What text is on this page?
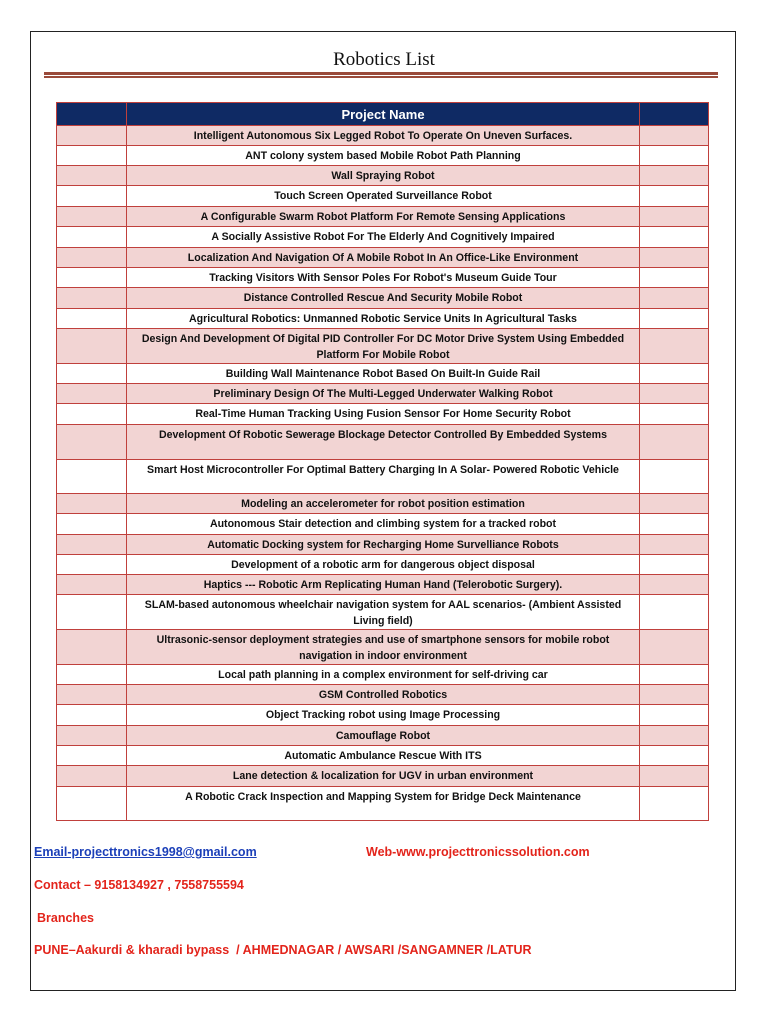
Robotics List
	Project Name	
	Intelligent Autonomous Six Legged Robot To Operate On Uneven Surfaces.	
	ANT colony system based Mobile Robot Path Planning	
	Wall Spraying Robot	
	Touch Screen Operated Surveillance Robot	
	A Configurable Swarm Robot Platform For Remote Sensing Applications	
	A Socially Assistive Robot For The Elderly And Cognitively Impaired	
	Localization And Navigation Of A Mobile Robot In An Office-Like Environment	
	Tracking Visitors With Sensor Poles For Robot's Museum Guide Tour	
	Distance Controlled Rescue And Security Mobile Robot	
	Agricultural Robotics: Unmanned Robotic Service Units In Agricultural Tasks	
	Design And Development Of Digital PID Controller For DC Motor Drive System Using Embedded Platform For Mobile Robot	
	Building Wall Maintenance Robot Based On Built-In Guide Rail	
	Preliminary Design Of The Multi-Legged Underwater Walking Robot	
	Real-Time Human Tracking Using Fusion Sensor For Home Security Robot	
	Development Of Robotic Sewerage Blockage Detector Controlled By Embedded Systems	
	Smart Host Microcontroller For Optimal Battery Charging In A Solar- Powered Robotic Vehicle	
	Modeling an accelerometer for robot position estimation	
	Autonomous Stair detection and climbing system for a tracked robot	
	Automatic Docking system for Recharging Home Survelliance Robots	
	Development of a robotic arm for dangerous object disposal	
	Haptics --- Robotic Arm Replicating Human Hand (Telerobotic Surgery).	
	SLAM-based autonomous wheelchair navigation system for AAL scenarios- (Ambient Assisted Living field)	
	Ultrasonic-sensor deployment strategies and use of smartphone sensors for mobile robot navigation in indoor environment	
	Local path planning in a complex environment for self-driving car	
	GSM Controlled Robotics	
	Object Tracking robot using Image Processing	
	Camouflage Robot	
	Automatic Ambulance Rescue With ITS	
	Lane detection & localization for UGV in urban environment	
	A Robotic Crack Inspection and Mapping System for Bridge Deck Maintenance	
Email-projecttronics1998@gmail.com	Web-www.projecttronicssolution.com
Contact – 9158134927 , 7558755594
Branches
PUNE–Aakurdi & kharadi bypass  / AHMEDNAGAR / AWSARI /SANGAMNER /LATUR
